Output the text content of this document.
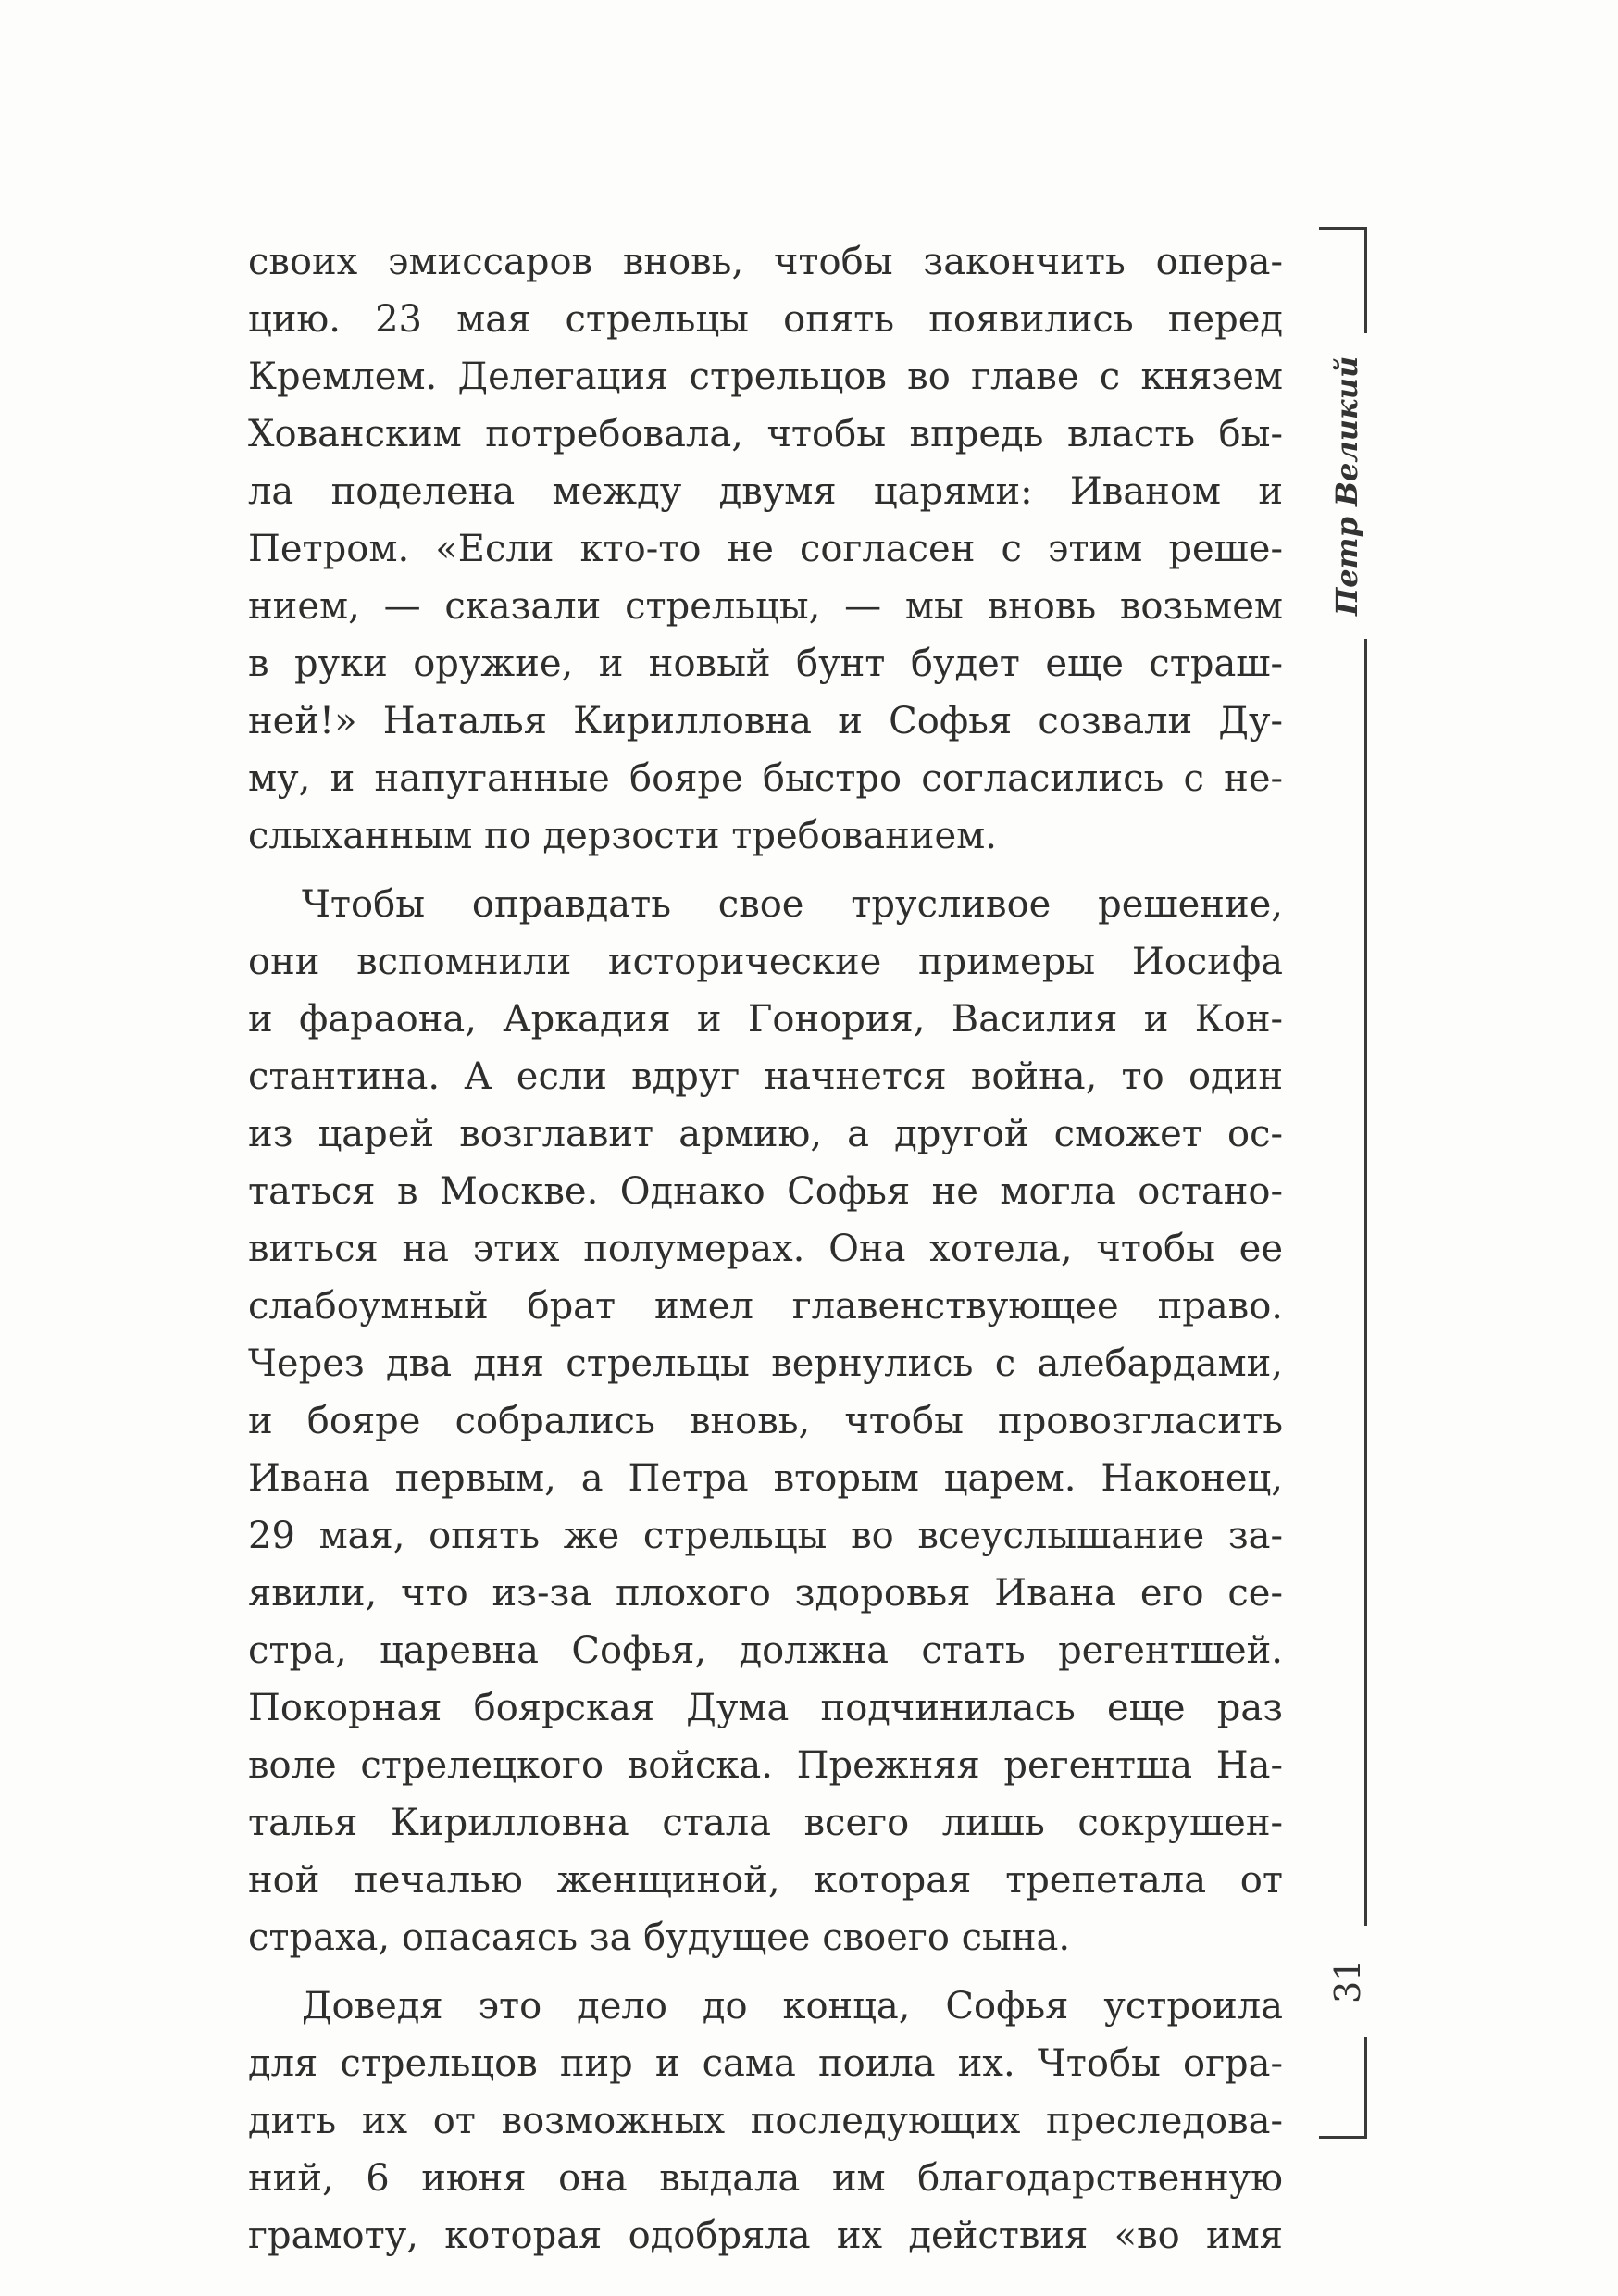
своих эмиссаров вновь, чтобы закончить опера-
цию. 23 мая стрельцы опять появились перед
Кремлем. Делегация стрельцов во главе с князем
Хованским потребовала, чтобы впредь власть бы-
ла поделена между двумя царями: Иваном и
Петром. «Если кто-то не согласен с этим реше-
нием, — сказали стрельцы, — мы вновь возьмем
в руки оружие, и новый бунт будет еще страш-
ней!» Наталья Кирилловна и Софья созвали Ду-
му, и напуганные бояре быстро согласились с не-
слыханным по дерзости требованием.
Чтобы оправдать свое трусливое решение,
они вспомнили исторические примеры Иосифа
и фараона, Аркадия и Гонория, Василия и Кон-
стантина. А если вдруг начнется война, то один
из царей возглавит армию, а другой сможет ос-
таться в Москве. Однако Софья не могла остано-
виться на этих полумерах. Она хотела, чтобы ее
слабоумный брат имел главенствующее право.
Через два дня стрельцы вернулись с алебардами,
и бояре собрались вновь, чтобы провозгласить
Ивана первым, а Петра вторым царем. Наконец,
29 мая, опять же стрельцы во всеуслышание за-
явили, что из-за плохого здоровья Ивана его се-
стра, царевна Софья, должна стать регентшей.
Покорная боярская Дума подчинилась еще раз
воле стрелецкого войска. Прежняя регентша На-
талья Кирилловна стала всего лишь сокрушен-
ной печалью женщиной, которая трепетала от
страха, опасаясь за будущее своего сына.
Доведя это дело до конца, Софья устроила
для стрельцов пир и сама поила их. Чтобы огра-
дить их от возможных последующих преследова-
ний, 6 июня она выдала им благодарственную
грамоту, которая одобряла их действия «во имя
Петр Великий
31
